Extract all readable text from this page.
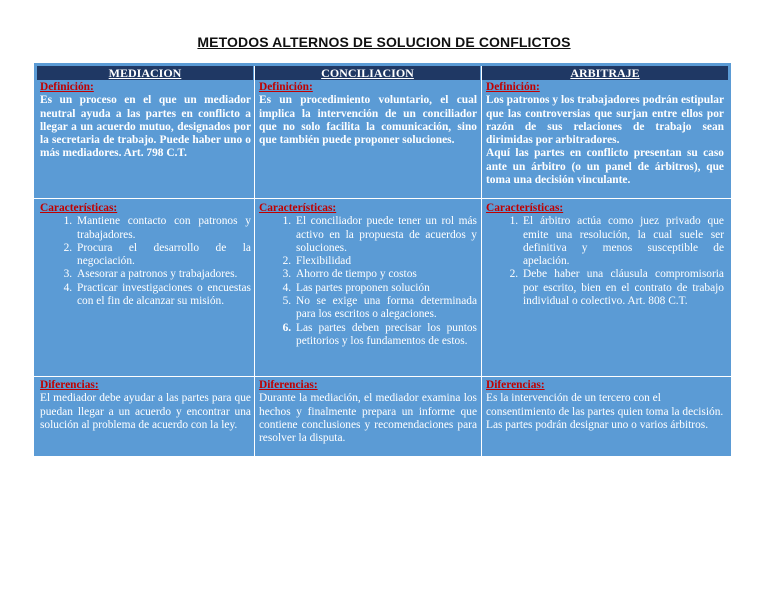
METODOS ALTERNOS DE SOLUCION DE CONFLICTOS
MEDIACION	CONCILIACION	ARBITRAJE
Definición:
Es un proceso en el que un mediador neutral ayuda a las partes en conflicto a llegar a un acuerdo mutuo, designados por la secretaria de trabajo. Puede haber uno o más mediadores. Art. 798 C.T.
Definición:
Es un procedimiento voluntario, el cual implica la intervención de un conciliador que no solo facilita la comunicación, sino que también puede proponer soluciones.
Definición:
Los patronos y los trabajadores podrán estipular que las controversias que surjan entre ellos por razón de sus relaciones de trabajo sean dirimidas por arbitradores.
Aquí las partes en conflicto presentan su caso ante un árbitro (o un panel de árbitros), que toma una decisión vinculante.
Características:
1. Mantiene contacto con patronos y trabajadores.
2. Procura el desarrollo de la negociación.
3. Asesorar a patronos y trabajadores.
4. Practicar investigaciones o encuestas con el fin de alcanzar su misión.
Características:
1. El conciliador puede tener un rol más activo en la propuesta de acuerdos y soluciones.
2. Flexibilidad
3. Ahorro de tiempo y costos
4. Las partes proponen solución
5. No se exige una forma determinada para los escritos o alegaciones.
6. Las partes deben precisar los puntos petitorios y los fundamentos de estos.
Características:
1. El árbitro actúa como juez privado que emite una resolución, la cual suele ser definitiva y menos susceptible de apelación.
2. Debe haber una cláusula compromisoria por escrito, bien en el contrato de trabajo individual o colectivo. Art. 808 C.T.
Diferencias:
El mediador debe ayudar a las partes para que puedan llegar a un acuerdo y encontrar una solución al problema de acuerdo con la ley.
Diferencias:
Durante la mediación, el mediador examina los hechos y finalmente prepara un informe que contiene conclusiones y recomendaciones para resolver la disputa.
Diferencias:
Es la intervención de un tercero con el consentimiento de las partes quien toma la decisión.
Las partes podrán designar uno o varios árbitros.
